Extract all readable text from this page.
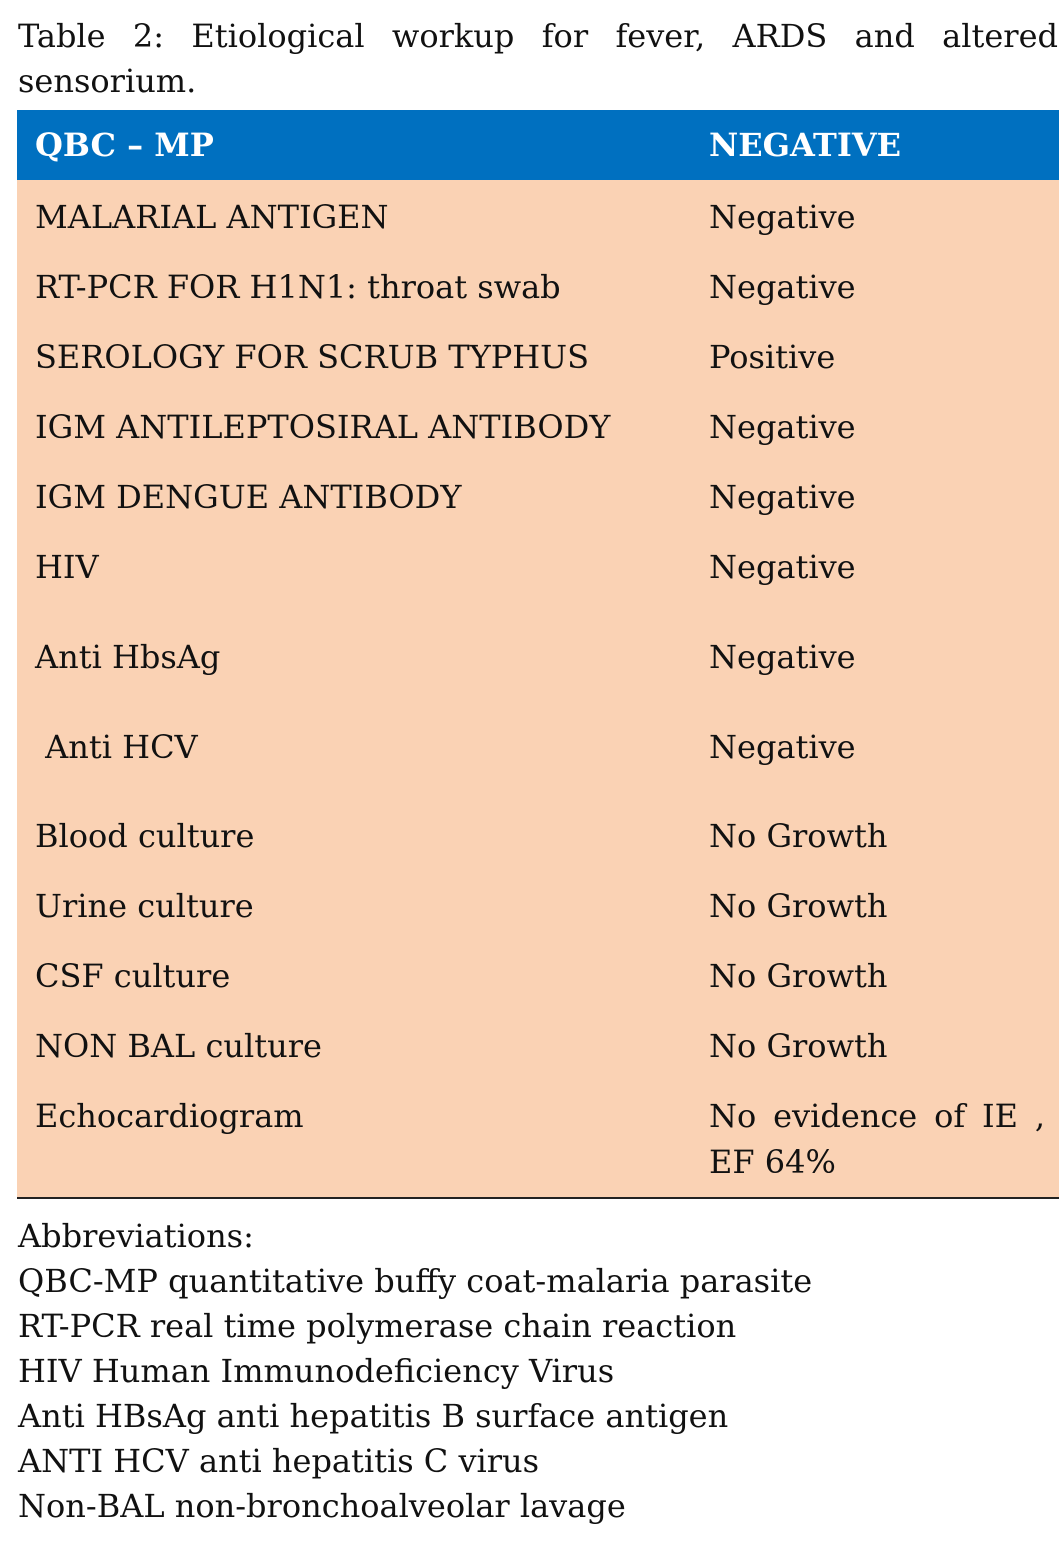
Table 2: Etiological workup for fever, ARDS and altered sensorium.
QBC – MP	NEGATIVE
MALARIAL ANTIGEN	Negative
RT-PCR FOR H1N1: throat swab	Negative
SEROLOGY FOR SCRUB TYPHUS	Positive
IGM ANTILEPTOSIRAL ANTIBODY	Negative
IGM DENGUE ANTIBODY	Negative
HIV	Negative
Anti HbsAg	Negative
Anti HCV	Negative
Blood culture	No Growth
Urine culture	No Growth
CSF culture	No Growth
NON BAL culture	No Growth
Echocardiogram	No evidence of IE , EF 64%
Abbreviations:
QBC-MP quantitative buffy coat-malaria parasite
RT-PCR real time polymerase chain reaction
HIV Human Immunodeficiency Virus
Anti HBsAg anti hepatitis B surface antigen
ANTI HCV anti hepatitis C virus
Non-BAL non-bronchoalveolar lavage
